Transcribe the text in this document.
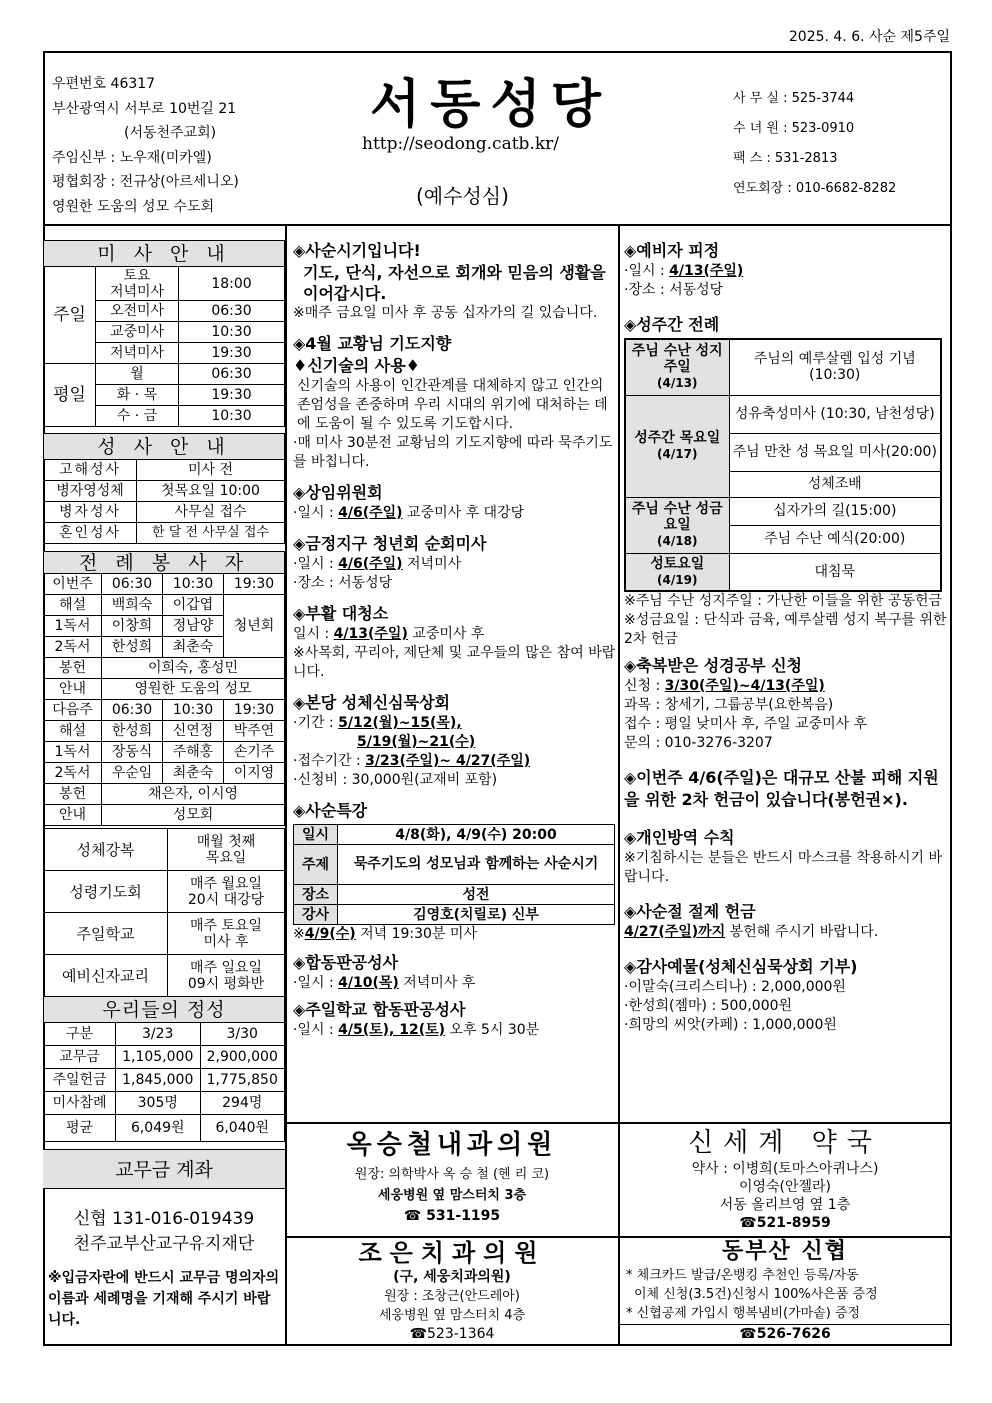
2025. 4. 6. 사순 제5주일
우편번호 46317
부산광역시 서부로 10번길 21
(서동천주교회)
주임신부 : 노우재(미카엘)
평협회장 : 전규상(아르세니오)
영원한 도움의 성모 수도회
서동성당
http://seodong.catb.kr/
(예수성심)
사 무 실 : 525-3744
수 녀 원 : 523-0910
팩 스 : 531-2813
연도회장 : 010-6682-8282
미 사 안 내		
주일	토요
저녁미사	18:00
	오전미사	06:30
	교중미사	10:30
	저녁미사	19:30
평일	월	06:30
	화 · 목	19:30
	수 · 금	10:30
성 사 안 내	
고해성사	미사 전
병자영성체	첫목요일 10:00
병자성사	사무실 접수
혼인성사	한 달 전 사무실 접수
전 례 봉 사 자			
이번주	06:30	10:30	19:30
해설	백희숙	이갑엽	청년회
1독서	이창희	정남양	
2독서	한성희	최춘숙	
봉헌	이희숙, 홍성민		
안내	영원한 도움의 성모		
다음주	06:30	10:30	19:30
해설	한성희	신연정	박주연
1독서	장동식	주해홍	손기주
2독서	우순임	최춘숙	이지영
봉헌	채은자, 이시영		
안내	성모회		
성체강복	매월 첫째
목요일
성령기도회	매주 월요일
20시 대강당
주일학교	매주 토요일
미사 후
예비신자교리	매주 일요일
09시 평화반
우리들의 정성		
구분	3/23	3/30
교무금	1,105,000	2,900,000
주일헌금	1,845,000	1,775,850
미사참례	305명	294명
평균	6,049원	6,040원
교무금 계좌
신협 131-016-019439
천주교부산교구유지재단
※입금자란에 반드시 교무금 명의자의 이름과 세례명을 기재해 주시기 바랍니다.
◈사순시기입니다!
기도, 단식, 자선으로 회개와 믿음의 생활을 이어갑시다.
※매주 금요일 미사 후 공동 십자가의 길 있습니다.
◈4월 교황님 기도지향
♦신기술의 사용♦
신기술의 사용이 인간관계를 대체하지 않고 인간의 존엄성을 존중하며 우리 시대의 위기에 대처하는 데에 도움이 될 수 있도록 기도합시다.
·매 미사 30분전 교황님의 기도지향에 따라 묵주기도를 바칩니다.
◈상임위원회
·일시 : 4/6(주일) 교중미사 후 대강당
◈금정지구 청년회 순회미사
·일시 : 4/6(주일) 저녁미사
·장소 : 서동성당
◈부활 대청소
일시 : 4/13(주일) 교중미사 후
※사목회, 꾸리아, 제단체 및 교우들의 많은 참여 바랍니다.
◈본당 성체신심묵상회
·기간 : 5/12(월)~15(목),
5/19(월)~21(수)
·접수기간 : 3/23(주일)~ 4/27(주일)
·신청비 : 30,000원(교재비 포함)
◈사순특강
일시	4/8(화), 4/9(수) 20:00
주제	묵주기도의 성모님과 함께하는 사순시기
장소	성전
강사	김영호(치릴로) 신부
※4/9(수) 저녁 19:30분 미사
◈합동판공성사
·일시 : 4/10(목) 저녁미사 후
◈주일학교 합동판공성사
·일시 : 4/5(토), 12(토) 오후 5시 30분
◈예비자 피정
·일시 : 4/13(주일)
·장소 : 서동성당
◈성주간 전례
주님 수난 성지 주일
(4/13)	주님의 예루살렘 입성 기념(10:30)

성주간 목요일
(4/17)	성유축성미사 (10:30, 남천성당)
	주님 만찬 성 목요일 미사(20:00)
	성체조배

주님 수난 성금요일
(4/18)	십자가의 길(15:00)
	주님 수난 예식(20:00)

성토요일
(4/19)	대침묵
※주님 수난 성지주일 : 가난한 이들을 위한 공동헌금
※성금요일 : 단식과 금육, 예루살렘 성지 복구를 위한 2차 헌금
◈축복받은 성경공부 신청
신청 : 3/30(주일)~4/13(주일)
과목 : 창세기, 그룹공부(요한복음)
접수 : 평일 낮미사 후, 주일 교중미사 후
문의 : 010-3276-3207
◈이번주 4/6(주일)은 대규모 산불 피해 지원을 위한 2차 헌금이 있습니다(봉헌권×).
◈개인방역 수칙
※기침하시는 분들은 반드시 마스크를 착용하시기 바랍니다.
◈사순절 절제 헌금
4/27(주일)까지 봉헌해 주시기 바랍니다.
◈감사예물(성체신심묵상회 기부)
·이말숙(크리스티나) : 2,000,000원
·한성희(젬마) : 500,000원
·희망의 씨앗(카페) : 1,000,000원
옥승철내과의원
원장: 의학박사 옥 승 철 (헨 리 코)
세웅병원 옆 맘스터치 3층
☎ 531-1195
신세계 약국
약사 : 이병희(토마스아퀴나스)
이영숙(안젤라)
서동 올리브영 옆 1층
☎521-8959
조은치과의원
(구, 세웅치과의원)
원장 : 조창근(안드레아)
세웅병원 옆 맘스터치 4층
☎523-1364
동부산 신협
* 체크카드 발급/온뱅킹 추천인 등록/자동
이체 신청(3.5건)신청시 100%사은품 증정
* 신협공제 가입시 행복냄비(가마솥) 증정
☎526-7626
